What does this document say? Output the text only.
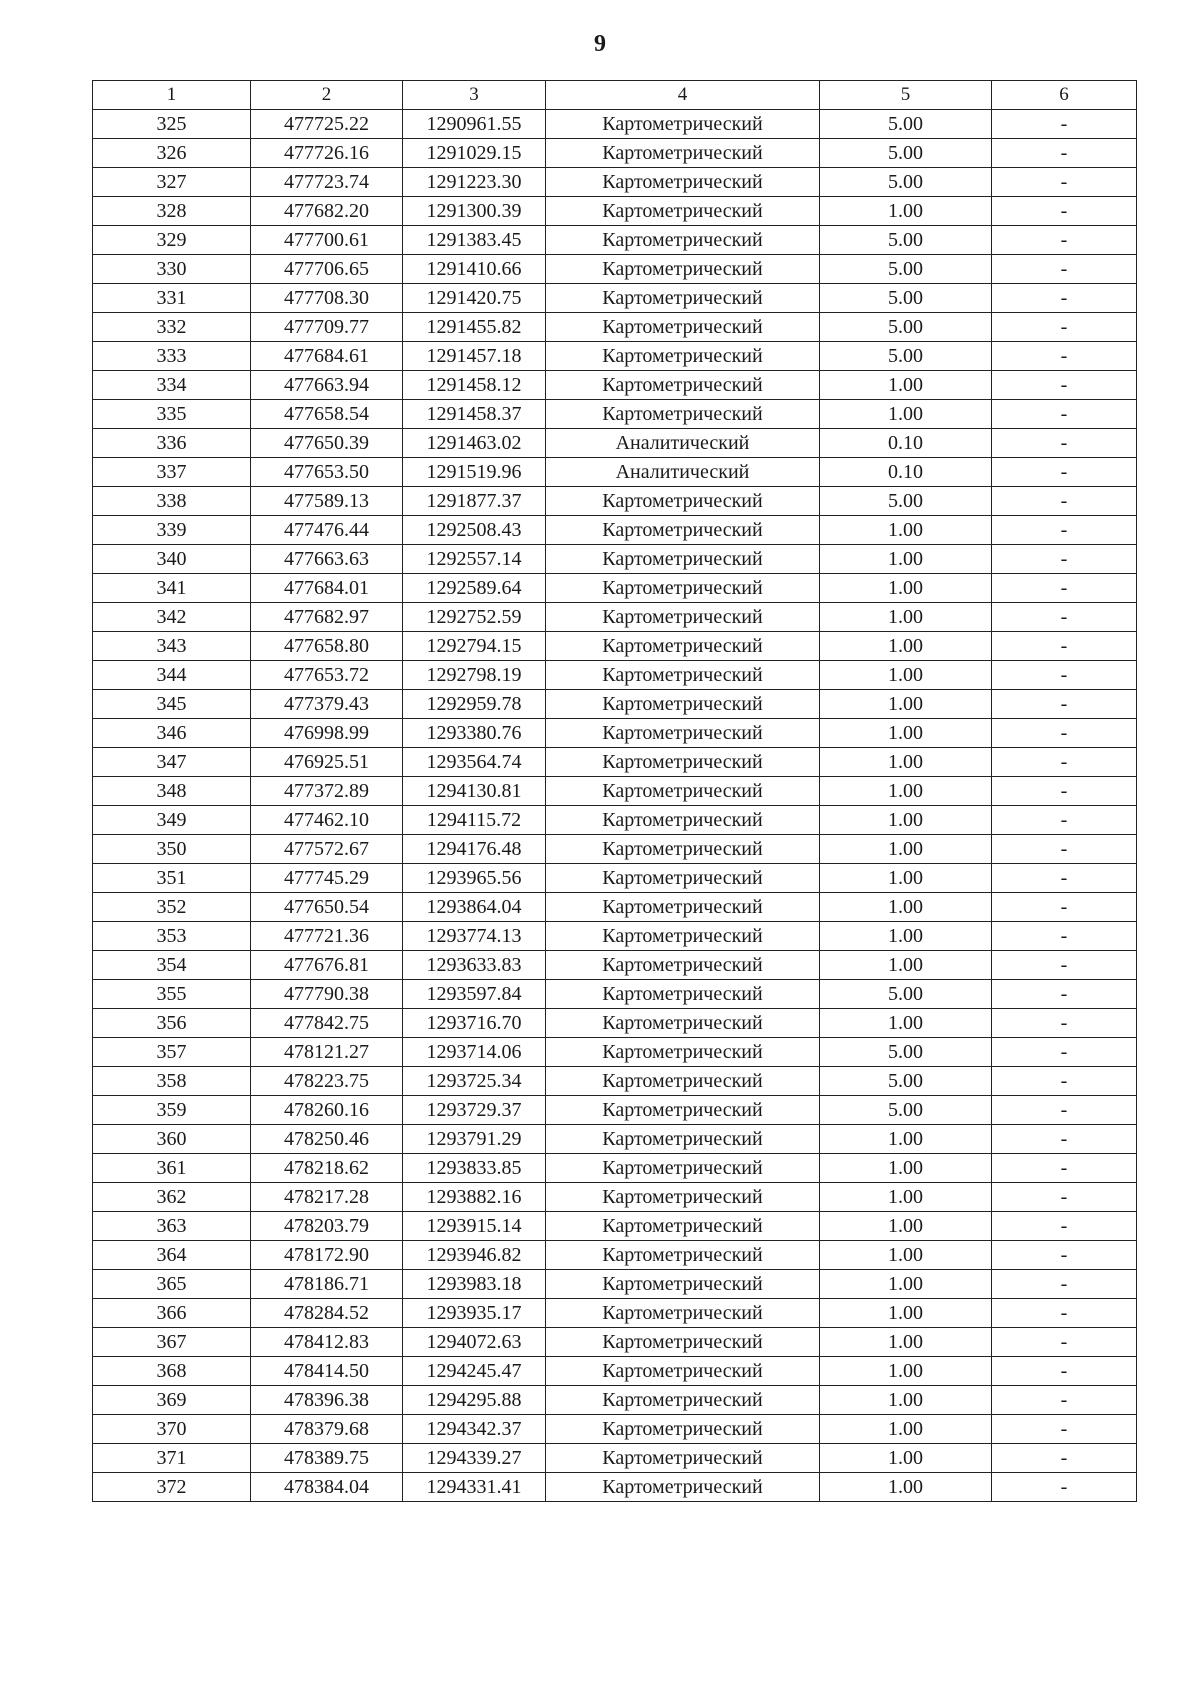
9
1	2	3	4	5	6
325	477725.22	1290961.55	Картометрический	5.00	-
326	477726.16	1291029.15	Картометрический	5.00	-
327	477723.74	1291223.30	Картометрический	5.00	-
328	477682.20	1291300.39	Картометрический	1.00	-
329	477700.61	1291383.45	Картометрический	5.00	-
330	477706.65	1291410.66	Картометрический	5.00	-
331	477708.30	1291420.75	Картометрический	5.00	-
332	477709.77	1291455.82	Картометрический	5.00	-
333	477684.61	1291457.18	Картометрический	5.00	-
334	477663.94	1291458.12	Картометрический	1.00	-
335	477658.54	1291458.37	Картометрический	1.00	-
336	477650.39	1291463.02	Аналитический	0.10	-
337	477653.50	1291519.96	Аналитический	0.10	-
338	477589.13	1291877.37	Картометрический	5.00	-
339	477476.44	1292508.43	Картометрический	1.00	-
340	477663.63	1292557.14	Картометрический	1.00	-
341	477684.01	1292589.64	Картометрический	1.00	-
342	477682.97	1292752.59	Картометрический	1.00	-
343	477658.80	1292794.15	Картометрический	1.00	-
344	477653.72	1292798.19	Картометрический	1.00	-
345	477379.43	1292959.78	Картометрический	1.00	-
346	476998.99	1293380.76	Картометрический	1.00	-
347	476925.51	1293564.74	Картометрический	1.00	-
348	477372.89	1294130.81	Картометрический	1.00	-
349	477462.10	1294115.72	Картометрический	1.00	-
350	477572.67	1294176.48	Картометрический	1.00	-
351	477745.29	1293965.56	Картометрический	1.00	-
352	477650.54	1293864.04	Картометрический	1.00	-
353	477721.36	1293774.13	Картометрический	1.00	-
354	477676.81	1293633.83	Картометрический	1.00	-
355	477790.38	1293597.84	Картометрический	5.00	-
356	477842.75	1293716.70	Картометрический	1.00	-
357	478121.27	1293714.06	Картометрический	5.00	-
358	478223.75	1293725.34	Картометрический	5.00	-
359	478260.16	1293729.37	Картометрический	5.00	-
360	478250.46	1293791.29	Картометрический	1.00	-
361	478218.62	1293833.85	Картометрический	1.00	-
362	478217.28	1293882.16	Картометрический	1.00	-
363	478203.79	1293915.14	Картометрический	1.00	-
364	478172.90	1293946.82	Картометрический	1.00	-
365	478186.71	1293983.18	Картометрический	1.00	-
366	478284.52	1293935.17	Картометрический	1.00	-
367	478412.83	1294072.63	Картометрический	1.00	-
368	478414.50	1294245.47	Картометрический	1.00	-
369	478396.38	1294295.88	Картометрический	1.00	-
370	478379.68	1294342.37	Картометрический	1.00	-
371	478389.75	1294339.27	Картометрический	1.00	-
372	478384.04	1294331.41	Картометрический	1.00	-
